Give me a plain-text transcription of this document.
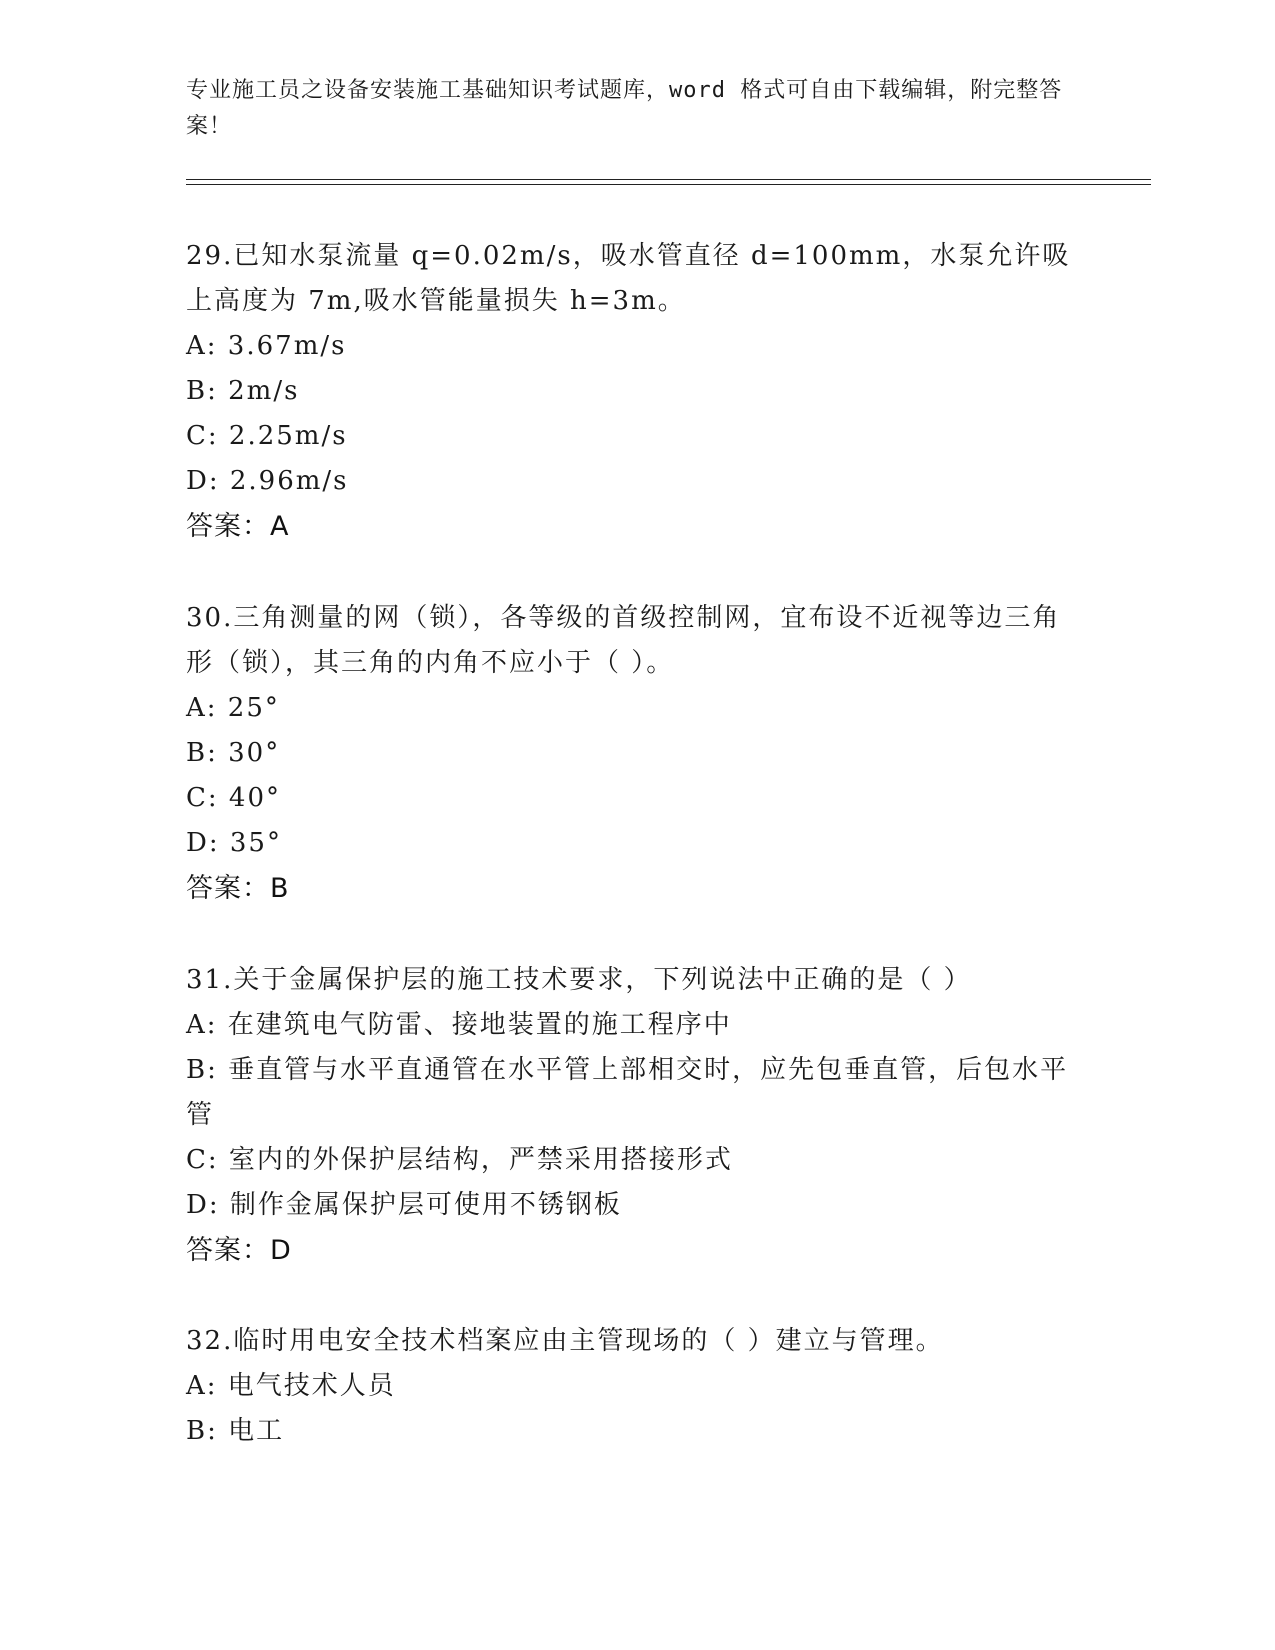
专业施工员之设备安装施工基础知识考试题库，word 格式可自由下载编辑，附完整答案！

29.已知水泵流量 q=0.02m/s，吸水管直径 d=100mm，水泵允许吸上高度为 7m,吸水管能量损失 h=3m。

A: 3.67m/s

B: 2m/s

C: 2.25m/s

D: 2.96m/s

答案：A

30.三角测量的网（锁），各等级的首级控制网，宜布设不近视等边三角形（锁），其三角的内角不应小于（ ）。

A: 25°

B: 30°

C: 40°

D: 35°

答案：B

31.关于金属保护层的施工技术要求，下列说法中正确的是（ ）

A: 在建筑电气防雷、接地装置的施工程序中

B: 垂直管与水平直通管在水平管上部相交时，应先包垂直管，后包水平管

C: 室内的外保护层结构，严禁采用搭接形式

D: 制作金属保护层可使用不锈钢板

答案：D

32.临时用电安全技术档案应由主管现场的（ ）建立与管理。

A: 电气技术人员

B: 电工
